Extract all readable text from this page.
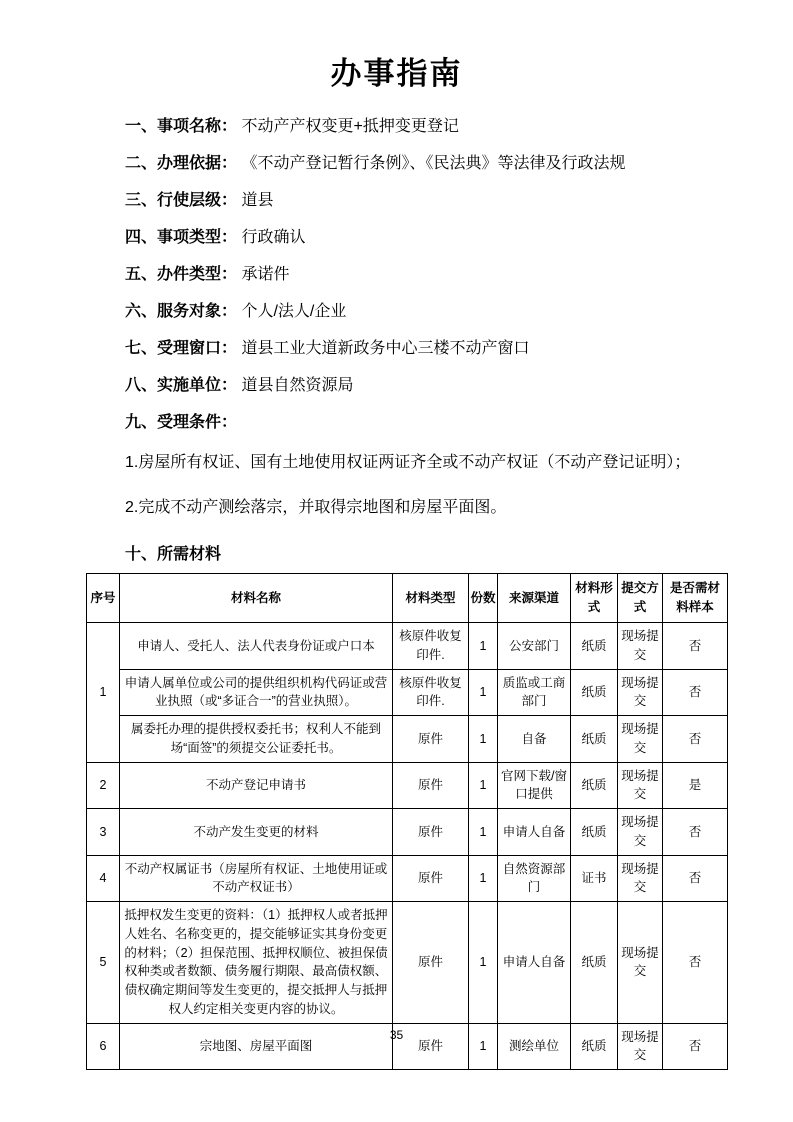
办事指南
一、事项名称： 不动产产权变更+抵押变更登记
二、办理依据： 《不动产登记暂行条例》、《民法典》等法律及行政法规
三、行使层级： 道县
四、事项类型： 行政确认
五、办件类型： 承诺件
六、服务对象： 个人/法人/企业
七、受理窗口： 道县工业大道新政务中心三楼不动产窗口
八、实施单位： 道县自然资源局
九、受理条件：

1.房屋所有权证、国有土地使用权证两证齐全或不动产权证（不动产登记证明）；

2.完成不动产测绘落宗，并取得宗地图和房屋平面图。

十、所需材料
序号	材料名称	材料类型	份数	来源渠道	材料形式	提交方式	是否需材料样本
1	申请人、受托人、法人代表身份证或户口本	核原件收复印件.	1	公安部门	纸质	现场提交	否
	申请人属单位或公司的提供组织机构代码证或营业执照（或“多证合一”的营业执照）。	核原件收复印件.	1	质监或工商部门	纸质	现场提交	否
	属委托办理的提供授权委托书；权利人不能到场“面签”的须提交公证委托书。	原件	1	自备	纸质	现场提交	否
2	不动产登记申请书	原件	1	官网下载/窗口提供	纸质	现场提交	是
3	不动产发生变更的材料	原件	1	申请人自备	纸质	现场提交	否
4	不动产权属证书（房屋所有权证、土地使用证或不动产权证书）	原件	1	自然资源部门	证书	现场提交	否
5	抵押权发生变更的资料：（1）抵押权人或者抵押人姓名、名称变更的，提交能够证实其身份变更的材料；（2）担保范围、抵押权顺位、被担保债权种类或者数额、债务履行期限、最高债权额、债权确定期间等发生变更的，提交抵押人与抵押权人约定相关变更内容的协议。	原件	1	申请人自备	纸质	现场提交	否
6	宗地图、房屋平面图	原件	1	测绘单位	纸质	现场提交	否
35
